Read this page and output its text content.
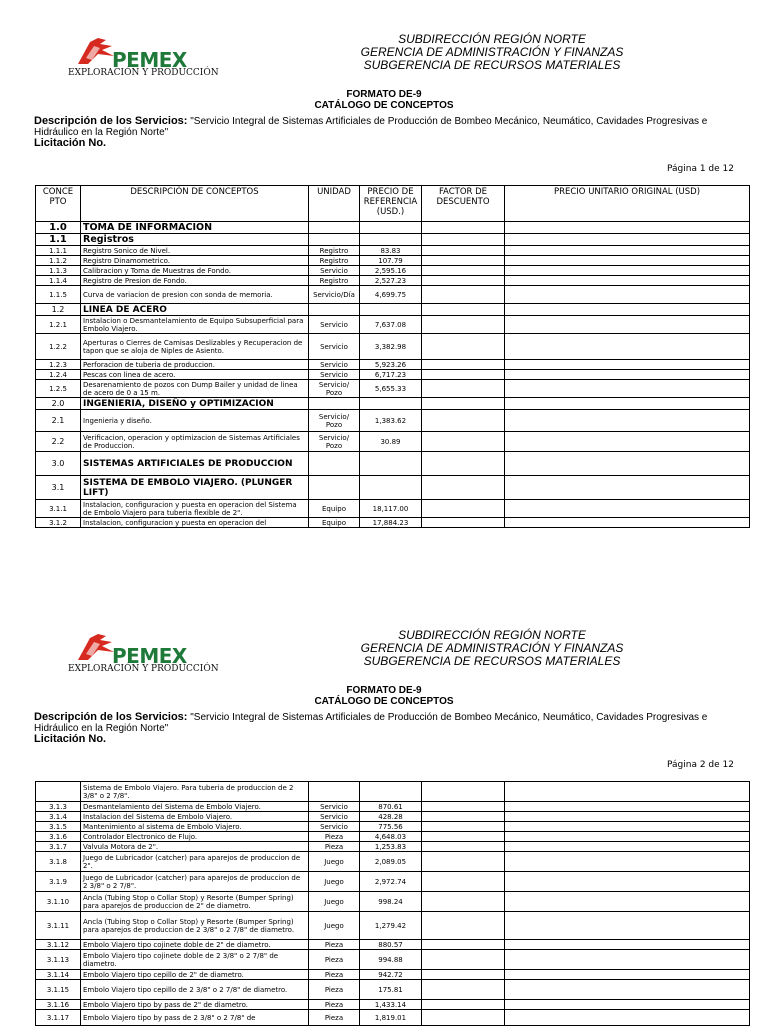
PEMEX
EXPLORACIÓN Y PRODUCCIÓN
SUBDIRECCIÓN REGIÓN NORTE
GERENCIA DE ADMINISTRACIÓN Y FINANZAS
SUBGERENCIA DE RECURSOS MATERIALES
FORMATO DE-9
CATÁLOGO DE CONCEPTOS
Descripción de los Servicios: "Servicio Integral de Sistemas Artificiales de Producción de Bombeo Mecánico, Neumático, Cavidades Progresivas e Hidráulico en la Región Norte"
Licitación No.
Página 1 de 12
CONCE PTO	DESCRIPCIÓN DE CONCEPTOS	UNIDAD	PRECIO DE REFERENCIA (USD.)	FACTOR DE DESCUENTO	PRECIO UNITARIO ORIGINAL (USD)
1.0	TOMA DE INFORMACION				
1.1	Registros				
1.1.1	Registro Sonico de Nivel.	Registro	83.83		
1.1.2	Registro Dinamometrico.	Registro	107.79		
1.1.3	Calibracion y Toma de Muestras de Fondo.	Servicio	2,595.16		
1.1.4	Registro de Presion de Fondo.	Registro	2,527.23		
1.1.5	Curva de variacion de presion con sonda de memoria.	Servicio/Día	4,699.75		
1.2	LINEA DE ACERO				
1.2.1	Instalacion o Desmantelamiento de Equipo Subsuperficial para Embolo Viajero.	Servicio	7,637.08		
1.2.2	Aperturas o Cierres de Camisas Deslizables y Recuperacion de tapon que se aloja de Niples de Asiento.	Servicio	3,382.98		
1.2.3	Perforacion de tuberia de produccion.	Servicio	5,923.26		
1.2.4	Pescas con linea de acero.	Servicio	6,717.23		
1.2.5	Desarenamiento de pozos con Dump Bailer y unidad de linea de acero de 0 a 15 m.	Servicio/ Pozo	5,655.33		
2.0	INGENIERIA, DISEÑO y OPTIMIZACION				
2.1	Ingenieria y diseño.	Servicio/ Pozo	1,383.62		
2.2	Verificacion, operacion y optimizacion de Sistemas Artificiales de Produccion.	Servicio/ Pozo	30.89		
3.0	SISTEMAS ARTIFICIALES DE PRODUCCION				
3.1	SISTEMA DE EMBOLO VIAJERO. (PLUNGER LIFT)				
3.1.1	Instalacion, configuracion y puesta en operacion del Sistema de Embolo Viajero para tuberia flexible de 2".	Equipo	18,117.00		
3.1.2	Instalacion, configuracion y puesta en operacion del	Equipo	17,884.23		
PEMEX
EXPLORACIÓN Y PRODUCCIÓN
SUBDIRECCIÓN REGIÓN NORTE
GERENCIA DE ADMINISTRACIÓN Y FINANZAS
SUBGERENCIA DE RECURSOS MATERIALES
FORMATO DE-9
CATÁLOGO DE CONCEPTOS
Descripción de los Servicios: "Servicio Integral de Sistemas Artificiales de Producción de Bombeo Mecánico, Neumático, Cavidades Progresivas e Hidráulico en la Región Norte"
Licitación No.
Página 2 de 12
	Sistema de Embolo Viajero. Para tuberia de produccion de 2 3/8" o 2 7/8".				
3.1.3	Desmantelamiento del Sistema de Embolo Viajero.	Servicio	870.61		
3.1.4	Instalacion del Sistema de Embolo Viajero.	Servicio	428.28		
3.1.5	Mantenimiento al sistema de Embolo Viajero.	Servicio	775.56		
3.1.6	Controlador Electronico de Flujo.	Pieza	4,648.03		
3.1.7	Valvula Motora de 2".	Pieza	1,253.83		
3.1.8	Juego de Lubricador (catcher) para aparejos de produccion de 2".	Juego	2,089.05		
3.1.9	Juego de Lubricador (catcher) para aparejos de produccion de 2 3/8" o 2 7/8".	Juego	2,972.74		
3.1.10	Ancla (Tubing Stop o Collar Stop) y Resorte (Bumper Spring) para aparejos de produccion de 2" de diametro.	Juego	998.24		
3.1.11	Ancla (Tubing Stop o Collar Stop) y Resorte (Bumper Spring) para aparejos de produccion de 2 3/8" o 2 7/8" de diametro.	Juego	1,279.42		
3.1.12	Embolo Viajero tipo cojinete doble de 2" de diametro.	Pieza	880.57		
3.1.13	Embolo Viajero tipo cojinete doble de 2 3/8" o 2 7/8" de diametro.	Pieza	994.88		
3.1.14	Embolo Viajero tipo cepillo de 2" de diametro.	Pieza	942.72		
3.1.15	Embolo Viajero tipo cepillo de 2 3/8" o 2 7/8" de diametro.	Pieza	175.81		
3.1.16	Embolo Viajero tipo by pass de 2" de diametro.	Pieza	1,433.14		
3.1.17	Embolo Viajero tipo by pass de 2 3/8" o 2 7/8" de	Pieza	1,819.01		
